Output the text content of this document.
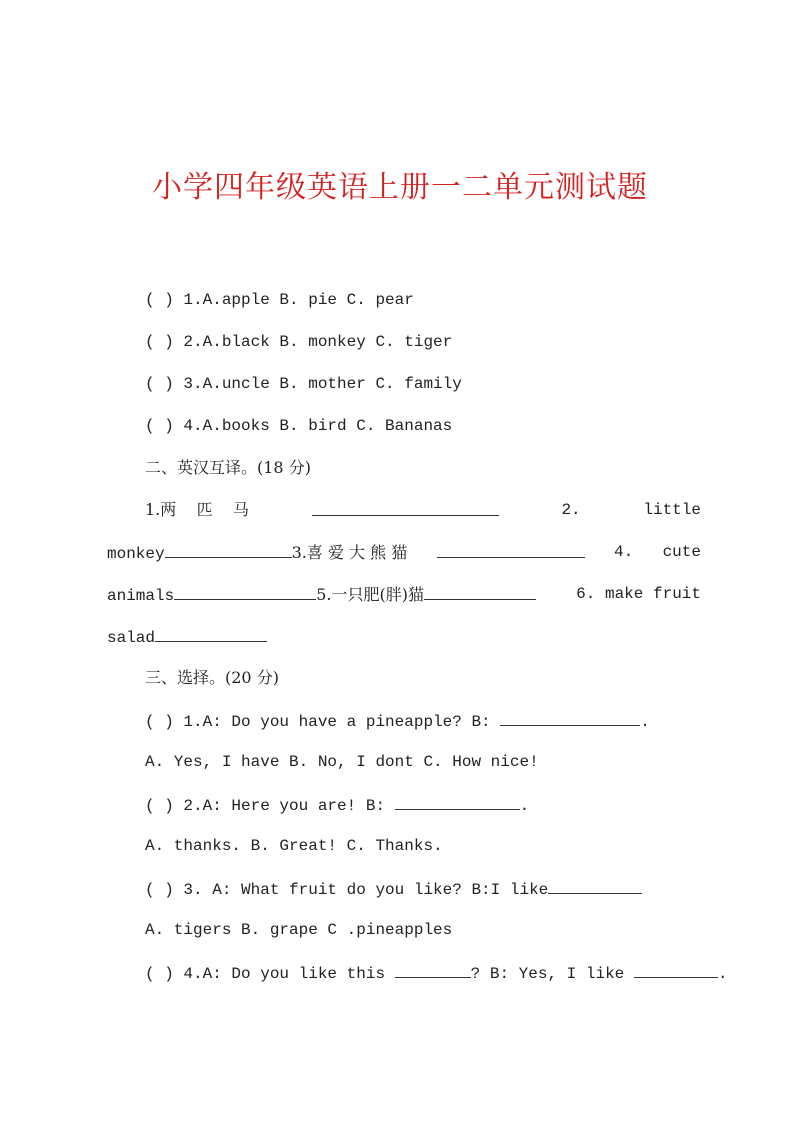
小学四年级英语上册一二单元测试题
( ) 1.A.apple B. pie C. pear
( ) 2.A.black B. monkey C. tiger
( ) 3.A.uncle B. mother C. family
( ) 4.A.books B. bird C. Bananas
二、英汉互译。(18 分)
1.两    匹    马	2.	little
monkey	3.喜 爱 大 熊 猫	4. cute
animals	5.一只肥(胖)猫	6. make fruit
salad
三、选择。(20 分)
( ) 1.A: Do you have a pineapple? B:	.
A. Yes, I have B. No, I dont C. How nice!
( ) 2.A: Here you are! B:	.
A. thanks. B. Great! C. Thanks.
( ) 3. A: What fruit do you like? B:I like
A. tigers B. grape C .pineapples
( ) 4.A: Do you like this	? B: Yes, I like	.
